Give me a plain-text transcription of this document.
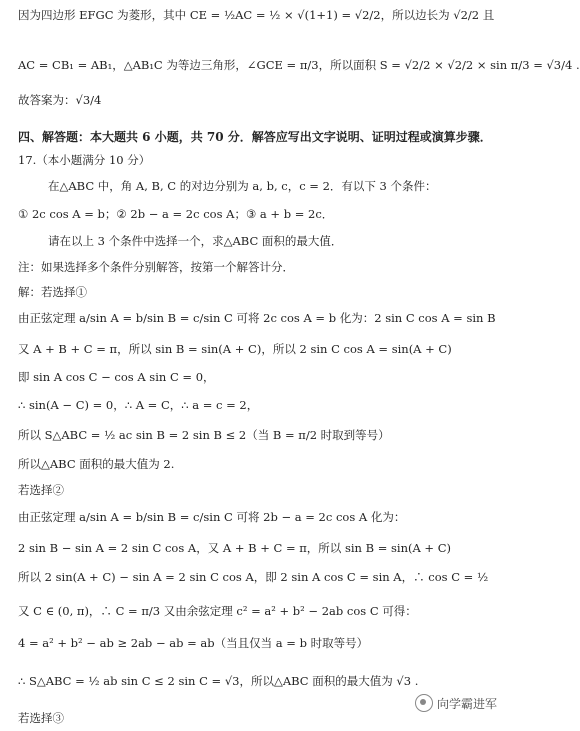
因为四边形 EFGC 为菱形，其中 CE = ½AC = ½ × √(1+1) = √2/2，所以边长为 √2/2 且
AC = CB₁ = AB₁，△AB₁C 为等边三角形，∠GCE = π/3，所以面积 S = √2/2 × √2/2 × sin π/3 = √3/4 .
故答案为：√3/4
四、解答题：本大题共 6 小题，共 70 分．解答应写出文字说明、证明过程或演算步骤．
17.（本小题满分 10 分）
在△ABC 中，角 A, B, C 的对边分别为 a, b, c，c = 2．有以下 3 个条件：
① 2c cos A = b；② 2b − a = 2c cos A；③ a + b = 2c．
请在以上 3 个条件中选择一个，求△ABC 面积的最大值．
注：如果选择多个条件分别解答，按第一个解答计分．
解：若选择①
由正弦定理 a/sin A = b/sin B = c/sin C 可将 2c cos A = b 化为：2 sin C cos A = sin B
又 A + B + C = π，所以 sin B = sin(A + C)，所以 2 sin C cos A = sin(A + C)
即 sin A cos C − cos A sin C = 0，
∴ sin(A − C) = 0，∴ A = C，∴ a = c = 2，
所以 S△ABC = ½ ac sin B = 2 sin B ≤ 2（当 B = π/2 时取到等号）
所以△ABC 面积的最大值为 2.
若选择②
由正弦定理 a/sin A = b/sin B = c/sin C 可将 2b − a = 2c cos A 化为：
2 sin B − sin A = 2 sin C cos A，又 A + B + C = π，所以 sin B = sin(A + C)
所以 2 sin(A + C) − sin A = 2 sin C cos A，即 2 sin A cos C = sin A，∴ cos C = ½
又 C ∈ (0, π)，∴ C = π/3 又由余弦定理 c² = a² + b² − 2ab cos C 可得：
4 = a² + b² − ab ≥ 2ab − ab = ab（当且仅当 a = b 时取等号）
∴ S△ABC = ½ ab sin C ≤ 2 sin C = √3，所以△ABC 面积的最大值为 √3 .
若选择③
向学霸进军
